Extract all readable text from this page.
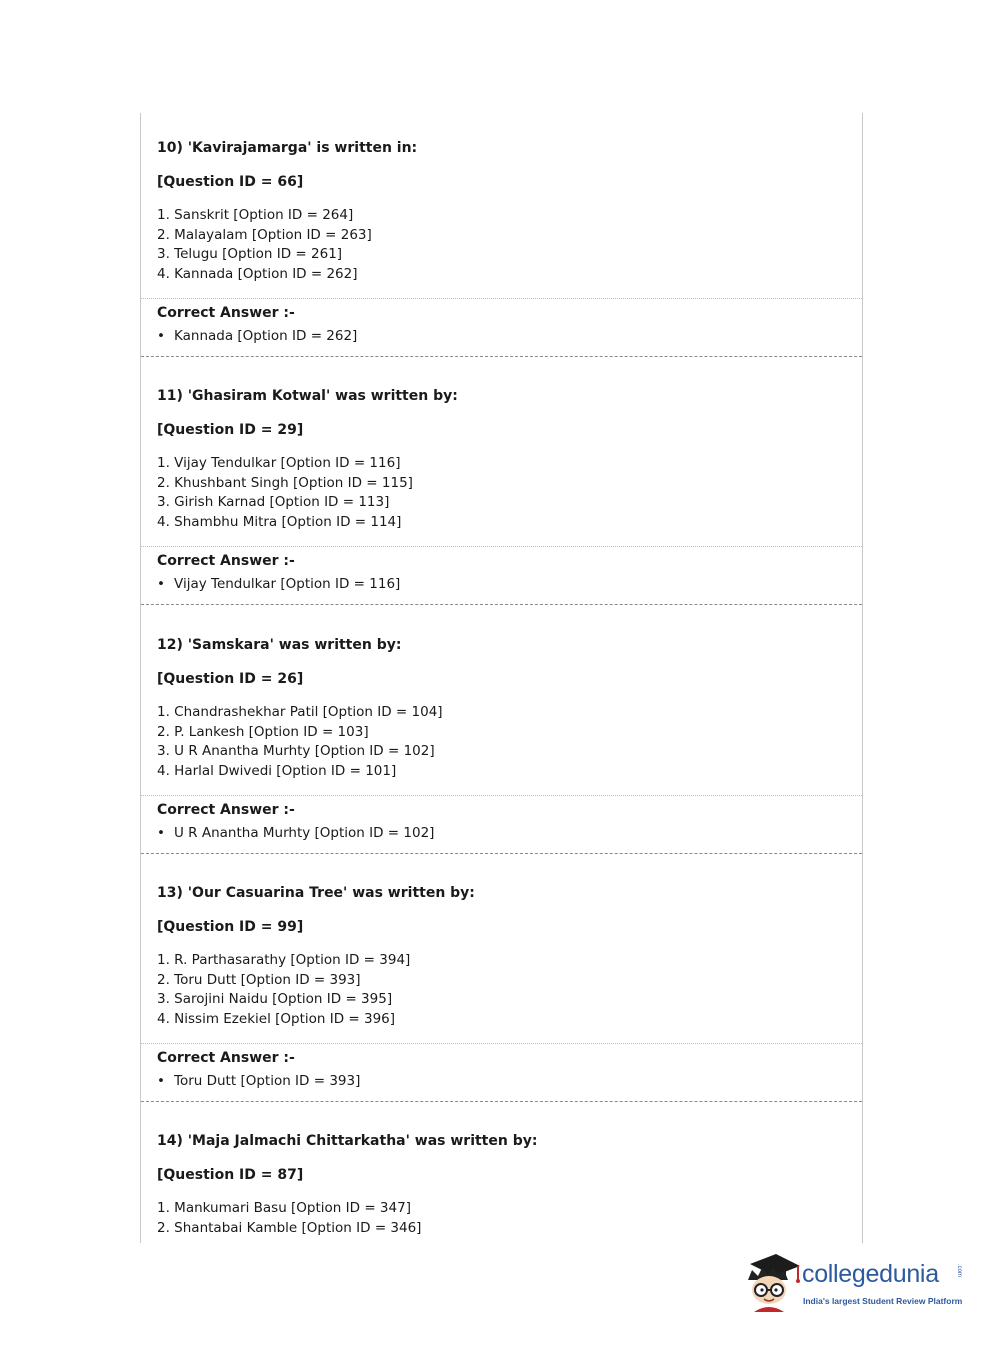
10) 'Kavirajamarga' is written in:
[Question ID = 66]
1. Sanskrit [Option ID = 264]
2. Malayalam [Option ID = 263]
3. Telugu [Option ID = 261]
4. Kannada [Option ID = 262]
Correct Answer :-
• Kannada [Option ID = 262]
11) 'Ghasiram Kotwal' was written by:
[Question ID = 29]
1. Vijay Tendulkar [Option ID = 116]
2. Khushbant Singh [Option ID = 115]
3. Girish Karnad [Option ID = 113]
4. Shambhu Mitra [Option ID = 114]
Correct Answer :-
• Vijay Tendulkar [Option ID = 116]
12) 'Samskara' was written by:
[Question ID = 26]
1. Chandrashekhar Patil [Option ID = 104]
2. P. Lankesh [Option ID = 103]
3. U R Anantha Murhty [Option ID = 102]
4. Harlal Dwivedi [Option ID = 101]
Correct Answer :-
• U R Anantha Murhty [Option ID = 102]
13) 'Our Casuarina Tree' was written by:
[Question ID = 99]
1. R. Parthasarathy [Option ID = 394]
2. Toru Dutt [Option ID = 393]
3. Sarojini Naidu [Option ID = 395]
4. Nissim Ezekiel [Option ID = 396]
Correct Answer :-
• Toru Dutt [Option ID = 393]
14) 'Maja Jalmachi Chittarkatha' was written by:
[Question ID = 87]
1. Mankumari Basu [Option ID = 347]
2. Shantabai Kamble [Option ID = 346]
collegedunia	.com
India's largest Student Review Platform
